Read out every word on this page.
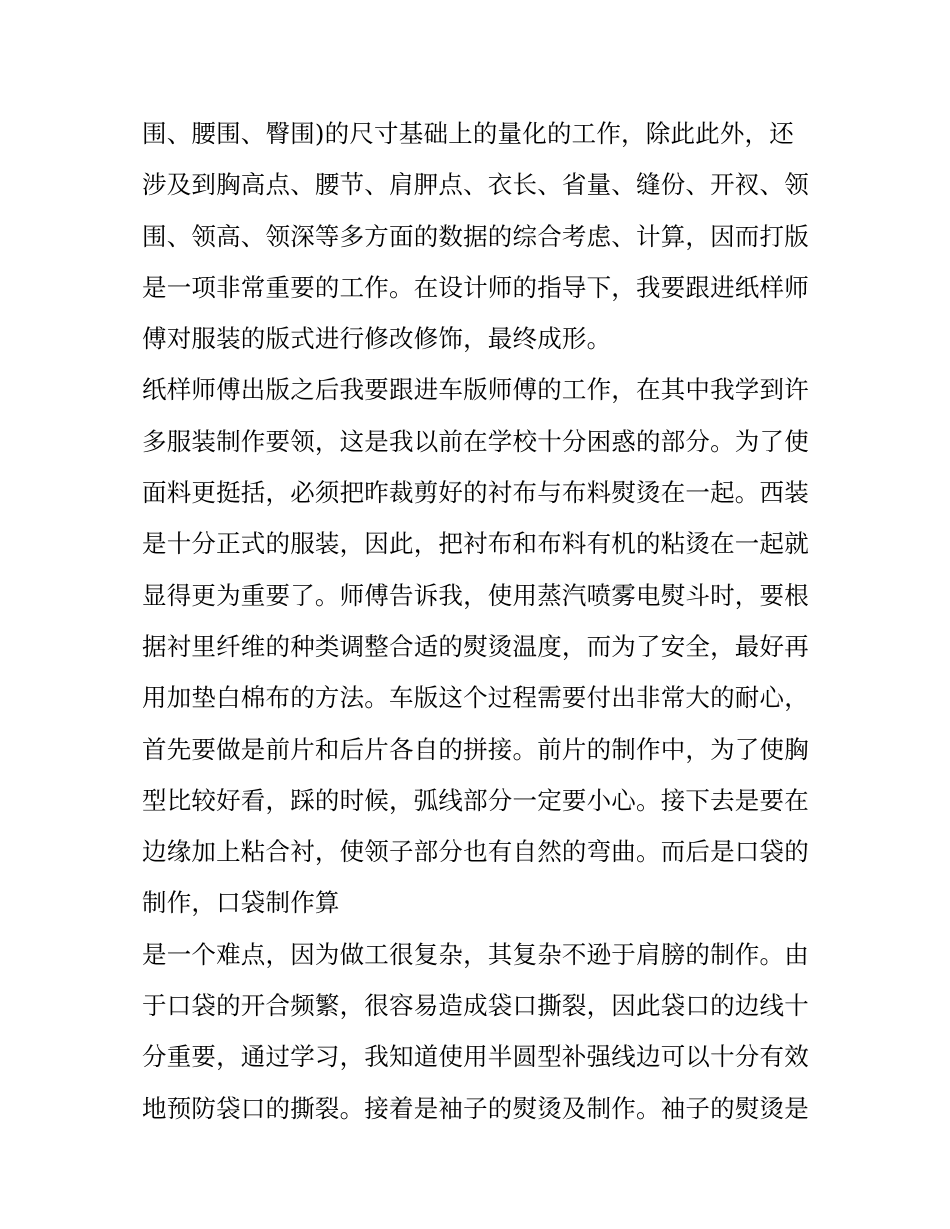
围、腰围、臀围)的尺寸基础上的量化的工作，除此此外，还
涉及到胸高点、腰节、肩胛点、衣长、省量、缝份、开衩、领
围、领高、领深等多方面的数据的综合考虑、计算，因而打版
是一项非常重要的工作。在设计师的指导下，我要跟进纸样师
傅对服装的版式进行修改修饰，最终成形。
纸样师傅出版之后我要跟进车版师傅的工作，在其中我学到许
多服装制作要领，这是我以前在学校十分困惑的部分。为了使
面料更挺括，必须把昨裁剪好的衬布与布料熨烫在一起。西装
是十分正式的服装，因此，把衬布和布料有机的粘烫在一起就
显得更为重要了。师傅告诉我，使用蒸汽喷雾电熨斗时，要根
据衬里纤维的种类调整合适的熨烫温度，而为了安全，最好再
用加垫白棉布的方法。车版这个过程需要付出非常大的耐心，
首先要做是前片和后片各自的拼接。前片的制作中，为了使胸
型比较好看，踩的时候，弧线部分一定要小心。接下去是要在
边缘加上粘合衬，使领子部分也有自然的弯曲。而后是口袋的
制作，口袋制作算
是一个难点，因为做工很复杂，其复杂不逊于肩膀的制作。由
于口袋的开合频繁，很容易造成袋口撕裂，因此袋口的边线十
分重要，通过学习，我知道使用半圆型补强线边可以十分有效
地预防袋口的撕裂。接着是袖子的熨烫及制作。袖子的熨烫是
